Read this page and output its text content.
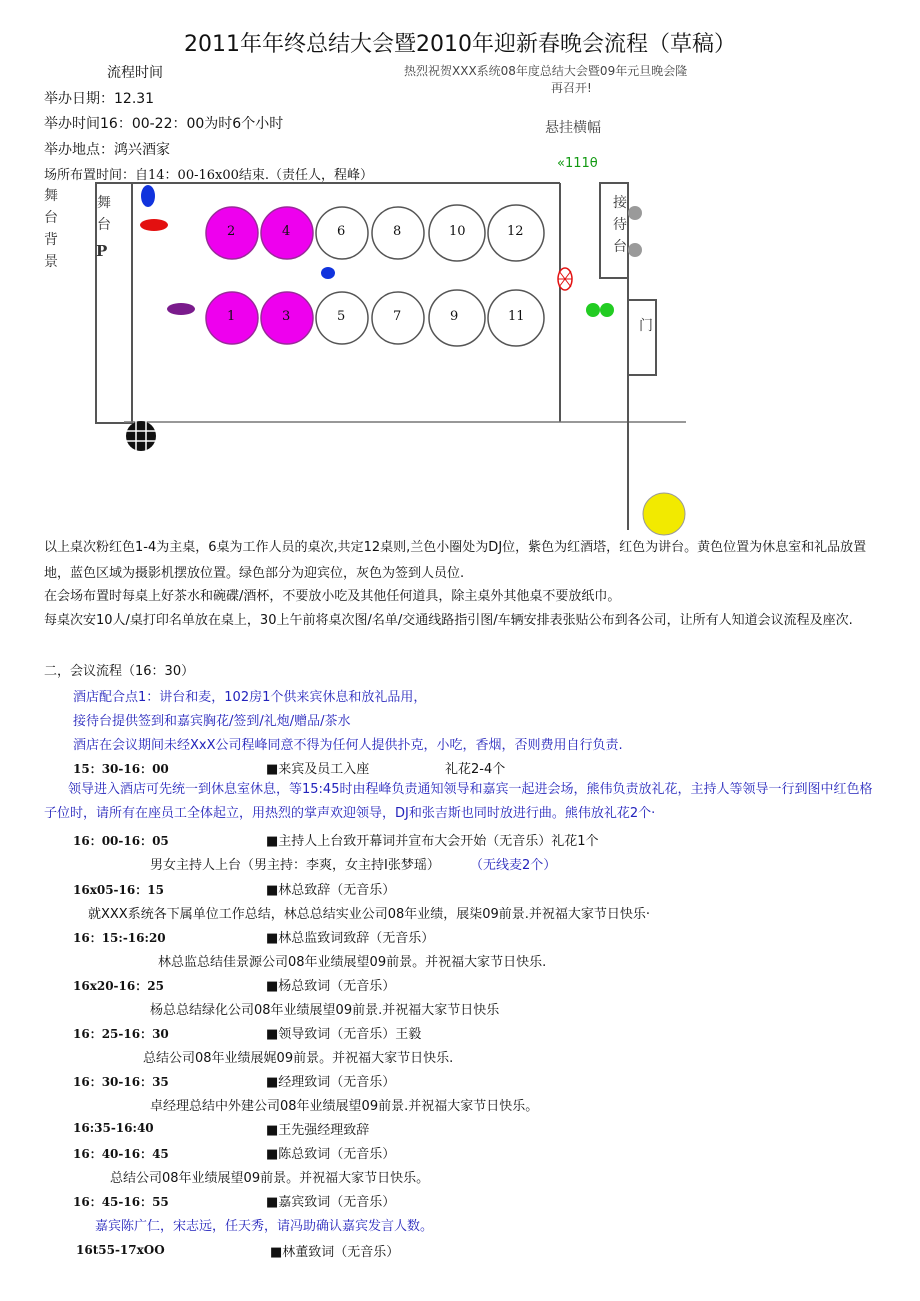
2011年年终总结大会暨2010年迎新春晚会流程（草稿）
流程时间
举办日期：12.31
举办时间16：00-22：00为时6个小时
举办地点：鸿兴酒家
场所布置时间：自14：00-16x00结束.（责任人，程峰）
热烈祝贺XXX系统08年度总结大会暨09年元旦晚会隆
再召开!
悬挂横幅
«111θ
舞台背景
舞台
P
接待台
门
2	4	6	8	10	12
1	3	5	7	9	11
以上桌次粉红色1-4为主桌，6桌为工作人员的桌次,共定12桌则,兰色小圈处为DJ位，紫色为红酒塔，红色为讲台。黄色位置为休息室和礼品放置地，蓝色区域为摄影机摆放位置。绿色部分为迎宾位，灰色为签到人员位.
在会场布置时每桌上好茶水和碗碟/酒杯，不要放小吃及其他任何道具，除主桌外其他桌不要放纸巾。
每桌次安10人/桌打印名单放在桌上，30上午前将桌次图/名单/交通线路指引图/车辆安排表张贴公布到各公司，让所有人知道会议流程及座次.
二，会议流程（16：30）
酒店配合点1：讲台和麦，102房1个供来宾休息和放礼品用，
接待台提供签到和嘉宾胸花/签到/礼炮/赠品/茶水
酒店在会议期间未经XxX公司程峰同意不得为任何人提供扑克，小吃，香烟，否则费用自行负责.
15：30-16：00	■来宾及员工入座	礼花2-4个
领导进入酒店可先统一到休息室休息，等15:45时由程峰负责通知领导和嘉宾一起进会场，熊伟负责放礼花，主持人等领导一行到图中红色格子位时，请所有在座员工全体起立，用热烈的掌声欢迎领导，DJ和张吉斯也同时放进行曲。熊伟放礼花2个·
16：00-16：05	■主持人上台致开幕词并宣布大会开始（无音乐）礼花1个
男女主持人上台（男主持：李爽，女主持Ⅰ张梦瑶） （无线麦2个）
16x05-16：15	■林总致辞（无音乐）
就XXX系统各下属单位工作总结，林总总结实业公司08年业绩，展柒09前景.并祝福大家节日快乐·
16：15:-16:20	■林总监致词致辞（无音乐）
林总监总结佳景源公司08年业绩展望09前景。并祝福大家节日快乐.
16x20-16：25	■杨总致词（无音乐）
杨总总结绿化公司08年业绩展望09前景.并祝福大家节日快乐
16：25-16：30	■领导致词（无音乐）王毅
总结公司08年业绩展娓09前景。并祝福大家节日快乐.
16：30-16：35	■经理致词（无音乐）
卓经理总结中外建公司08年业绩展望09前景.并祝福大家节日快乐。
16:35-16:40	■王先强经理致辞
16：40-16：45	■陈总致词（无音乐）
总结公司08年业绩展望09前景。并祝福大家节日快乐。
16：45-16：55	■嘉宾致词（无音乐）
嘉宾陈广仁，宋志远，任天秀，请冯助确认嘉宾发言人数。
16t55-17xOO	■林董致词（无音乐）
